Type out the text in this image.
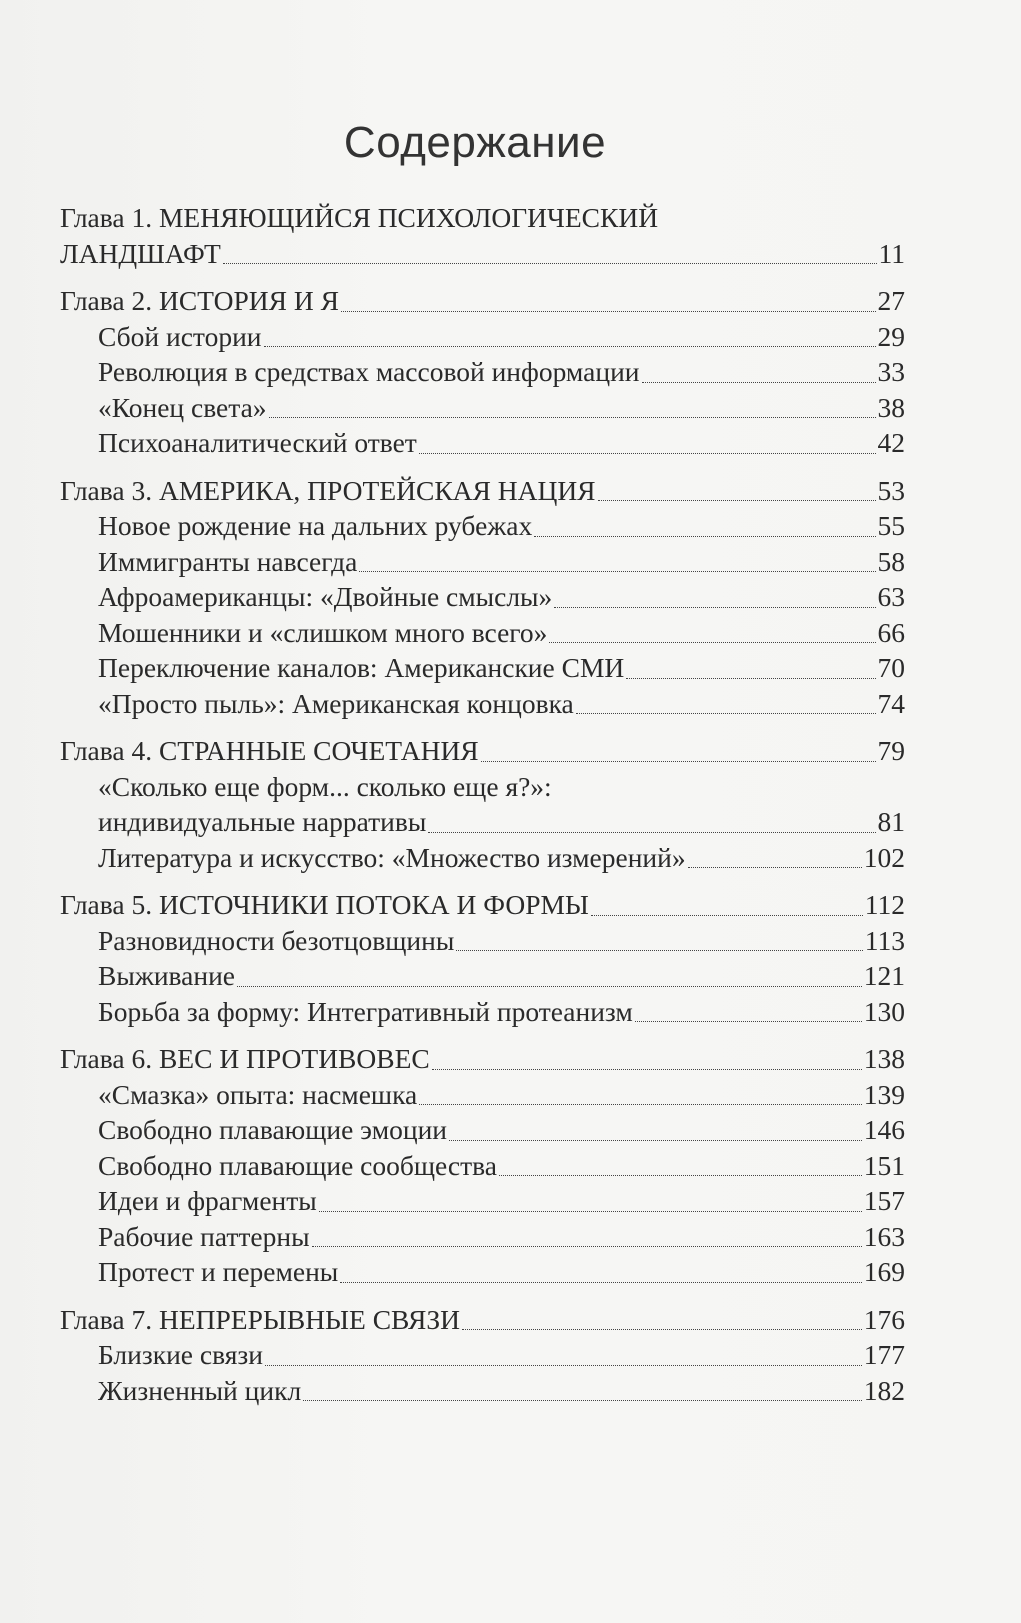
Содержание
Глава 1. МЕНЯЮЩИЙСЯ ПСИХОЛОГИЧЕСКИЙ
ЛАНДШАФТ	11
Глава 2. ИСТОРИЯ И Я	27
Сбой истории	29
Революция в средствах массовой информации	33
«Конец света»	38
Психоаналитический ответ	42
Глава 3. АМЕРИКА, ПРОТЕЙСКАЯ НАЦИЯ	53
Новое рождение на дальних рубежах	55
Иммигранты навсегда	58
Афроамериканцы: «Двойные смыслы»	63
Мошенники и «слишком много всего»	66
Переключение каналов: Американские СМИ	70
«Просто пыль»: Американская концовка	74
Глава 4. СТРАННЫЕ СОЧЕТАНИЯ	79
«Сколько еще форм... сколько еще я?»:
индивидуальные нарративы	81
Литература и искусство: «Множество измерений»	102
Глава 5. ИСТОЧНИКИ ПОТОКА И ФОРМЫ	112
Разновидности безотцовщины	113
Выживание	121
Борьба за форму: Интегративный протеанизм	130
Глава 6. ВЕС И ПРОТИВОВЕС	138
«Смазка» опыта: насмешка	139
Свободно плавающие эмоции	146
Свободно плавающие сообщества	151
Идеи и фрагменты	157
Рабочие паттерны	163
Протест и перемены	169
Глава 7. НЕПРЕРЫВНЫЕ СВЯЗИ	176
Близкие связи	177
Жизненный цикл	182
